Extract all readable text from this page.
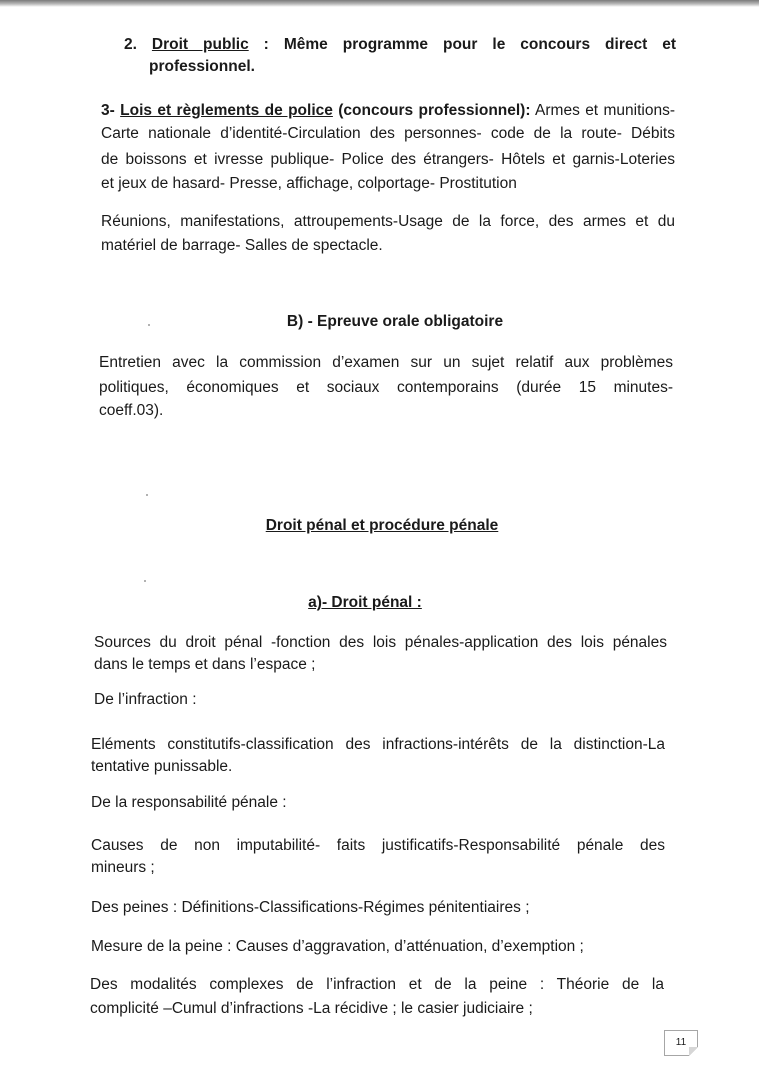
2. Droit public : Même programme pour le concours direct et

professionnel.

3- Lois et règlements de police (concours professionnel): Armes et munitions-

Carte nationale d’identité-Circulation des personnes- code de la route- Débits

de boissons et ivresse publique- Police des étrangers- Hôtels et garnis-Loteries

et jeux de hasard- Presse, affichage, colportage- Prostitution

Réunions, manifestations, attroupements-Usage de la force, des armes et du

matériel de barrage- Salles de spectacle.

B) - Epreuve orale obligatoire

Entretien avec la commission d’examen sur un sujet relatif aux problèmes

politiques, économiques et sociaux contemporains (durée 15 minutes-

coeff.03).

Droit pénal et procédure pénale

a)- Droit pénal :

Sources du droit pénal -fonction des lois pénales-application des lois pénales

dans le temps et dans l’espace ;

De l’infraction :

Eléments constitutifs-classification des infractions-intérêts de la distinction-La

tentative punissable.

De la responsabilité pénale :

Causes de non imputabilité- faits justificatifs-Responsabilité pénale des

mineurs ;

Des peines : Définitions-Classifications-Régimes pénitentiaires ;

Mesure de la peine : Causes d’aggravation, d’atténuation, d’exemption ;

Des modalités complexes de l’infraction et de la peine : Théorie de la

complicité –Cumul d’infractions -La récidive ; le casier judiciaire ;

11
